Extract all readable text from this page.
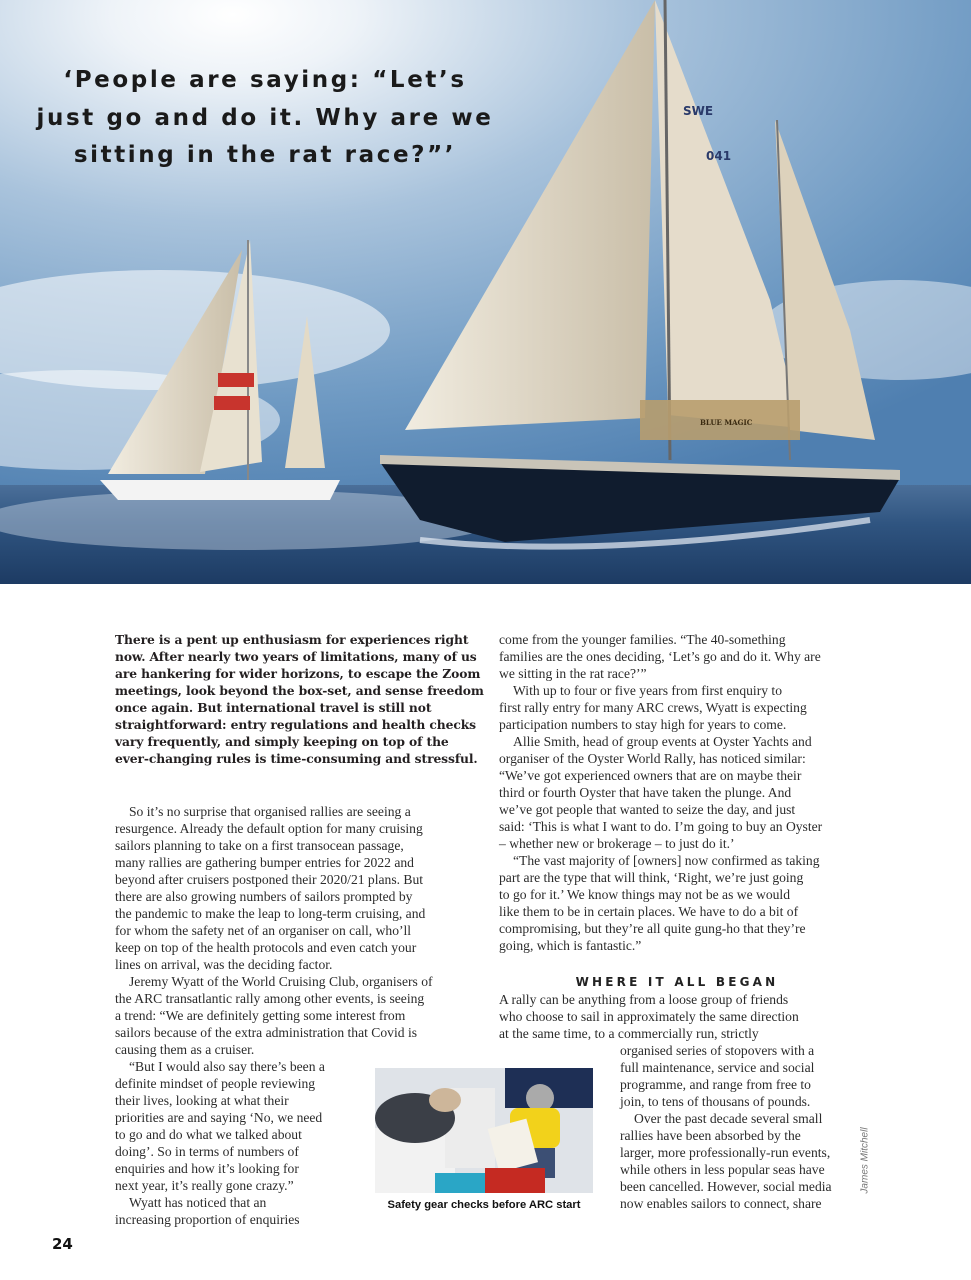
SWE
041
BLUE MAGIC
‘People are saying: “Let’s
just go and do it. Why are we
sitting in the rat race?”’
There is a pent up enthusiasm for experiences right
now. After nearly two years of limitations, many of us
are hankering for wider horizons, to escape the Zoom
meetings, look beyond the box-set, and sense freedom
once again. But international travel is still not
straightforward: entry regulations and health checks
vary frequently, and simply keeping on top of the
ever-changing rules is time-consuming and stressful.
So it’s no surprise that organised rallies are seeing a
resurgence. Already the default option for many cruising
sailors planning to take on a first transocean passage,
many rallies are gathering bumper entries for 2022 and
beyond after cruisers postponed their 2020/21 plans. But
there are also growing numbers of sailors prompted by
the pandemic to make the leap to long-term cruising, and
for whom the safety net of an organiser on call, who’ll
keep on top of the health protocols and even catch your
lines on arrival, was the deciding factor.
Jeremy Wyatt of the World Cruising Club, organisers of
the ARC transatlantic rally among other events, is seeing
a trend: “We are definitely getting some interest from
sailors because of the extra administration that Covid is
causing them as a cruiser.
“But I would also say there’s been a
definite mindset of people reviewing
their lives, looking at what their
priorities are and saying ‘No, we need
to go and do what we talked about
doing’. So in terms of numbers of
enquiries and how it’s looking for
next year, it’s really gone crazy.”
Wyatt has noticed that an
increasing proportion of enquiries
come from the younger families. “The 40-something
families are the ones deciding, ‘Let’s go and do it. Why are
we sitting in the rat race?’”
With up to four or five years from first enquiry to
first rally entry for many ARC crews, Wyatt is expecting
participation numbers to stay high for years to come.
Allie Smith, head of group events at Oyster Yachts and
organiser of the Oyster World Rally, has noticed similar:
“We’ve got experienced owners that are on maybe their
third or fourth Oyster that have taken the plunge. And
we’ve got people that wanted to seize the day, and just
said: ‘This is what I want to do. I’m going to buy an Oyster
– whether new or brokerage – to just do it.’
“The vast majority of [owners] now confirmed as taking
part are the type that will think, ‘Right, we’re just going
to go for it.’ We know things may not be as we would
like them to be in certain places. We have to do a bit of
compromising, but they’re all quite gung-ho that they’re
going, which is fantastic.”
WHERE IT ALL BEGAN
A rally can be anything from a loose group of friends
who choose to sail in approximately the same direction
at the same time, to a commercially run, strictly
organised series of stopovers with a
full maintenance, service and social
programme, and range from free to
join, to tens of thousans of pounds.
Over the past decade several small
rallies have been absorbed by the
larger, more professionally-run events,
while others in less popular seas have
been cancelled. However, social media
now enables sailors to connect, share
Safety gear checks before ARC start
James Mitchell
24
